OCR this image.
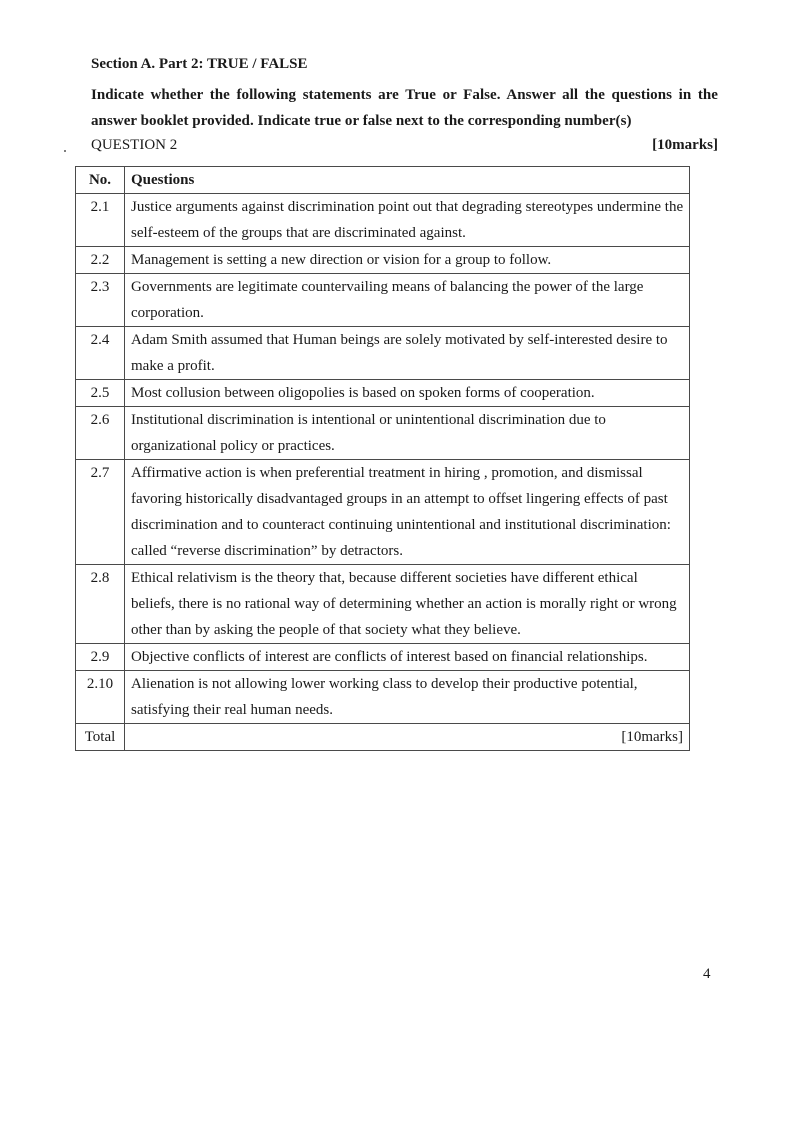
Section A. Part 2: TRUE / FALSE

Indicate whether the following statements are True or False. Answer all the questions in the answer booklet provided. Indicate true or false next to the corresponding number(s)

QUESTION 2	[10marks]
No.	Questions
2.1	Justice arguments against discrimination point out that degrading stereotypes undermine the self-esteem of the groups that are discriminated against.
2.2	Management is setting a new direction or vision for a group to follow.
2.3	Governments are legitimate countervailing means of balancing the power of the large corporation.
2.4	Adam Smith assumed that Human beings are solely motivated by self-interested desire to make a profit.
2.5	Most collusion between oligopolies is based on spoken forms of cooperation.
2.6	Institutional discrimination is intentional or unintentional discrimination due to organizational policy or practices.
2.7	Affirmative action is when preferential treatment in hiring , promotion, and dismissal favoring historically disadvantaged groups in an attempt to offset lingering effects of past discrimination and to counteract continuing unintentional and institutional discrimination: called “reverse discrimination” by detractors.
2.8	Ethical relativism is the theory that, because different societies have different ethical beliefs, there is no rational way of determining whether an action is morally right or wrong other than by asking the people of that society what they believe.
2.9	Objective conflicts of interest are conflicts of interest based on financial relationships.
2.10	Alienation is not allowing lower working class to develop their productive potential, satisfying their real human needs.
Total	[10marks]
4
